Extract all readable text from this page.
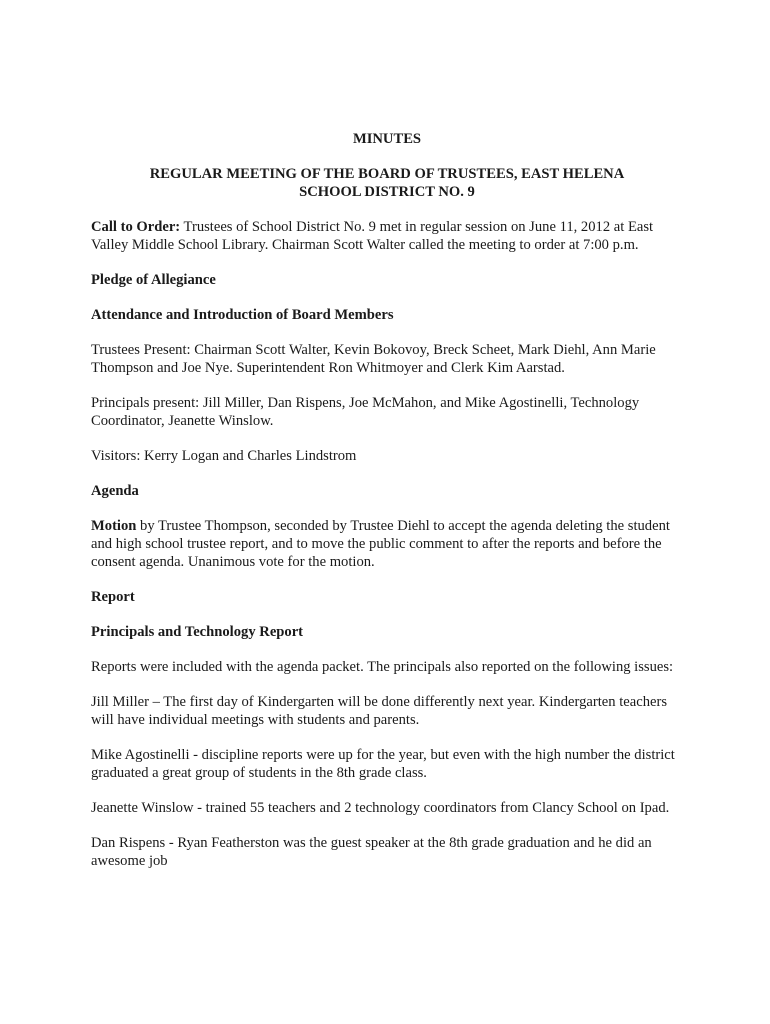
MINUTES
REGULAR MEETING OF THE BOARD OF TRUSTEES, EAST HELENA
SCHOOL DISTRICT NO. 9

Call to Order: Trustees of School District No. 9 met in regular session on June 11, 2012 at East Valley Middle School Library. Chairman Scott Walter called the meeting to order at 7:00 p.m.

Pledge of Allegiance

Attendance and Introduction of Board Members

Trustees Present: Chairman Scott Walter, Kevin Bokovoy, Breck Scheet, Mark Diehl, Ann Marie Thompson and Joe Nye. Superintendent Ron Whitmoyer and Clerk Kim Aarstad.

Principals present: Jill Miller, Dan Rispens, Joe McMahon, and Mike Agostinelli, Technology Coordinator, Jeanette Winslow.

Visitors: Kerry Logan and Charles Lindstrom

Agenda

Motion by Trustee Thompson, seconded by Trustee Diehl to accept the agenda deleting the student and high school trustee report, and to move the public comment to after the reports and before the consent agenda. Unanimous vote for the motion.

Report

Principals and Technology Report

Reports were included with the agenda packet. The principals also reported on the following issues:

Jill Miller – The first day of Kindergarten will be done differently next year. Kindergarten teachers will have individual meetings with students and parents.

Mike Agostinelli - discipline reports were up for the year, but even with the high number the district graduated a great group of students in the 8th grade class.

Jeanette Winslow - trained 55 teachers and 2 technology coordinators from Clancy School on Ipad.

Dan Rispens - Ryan Featherston was the guest speaker at the 8th grade graduation and he did an awesome job
